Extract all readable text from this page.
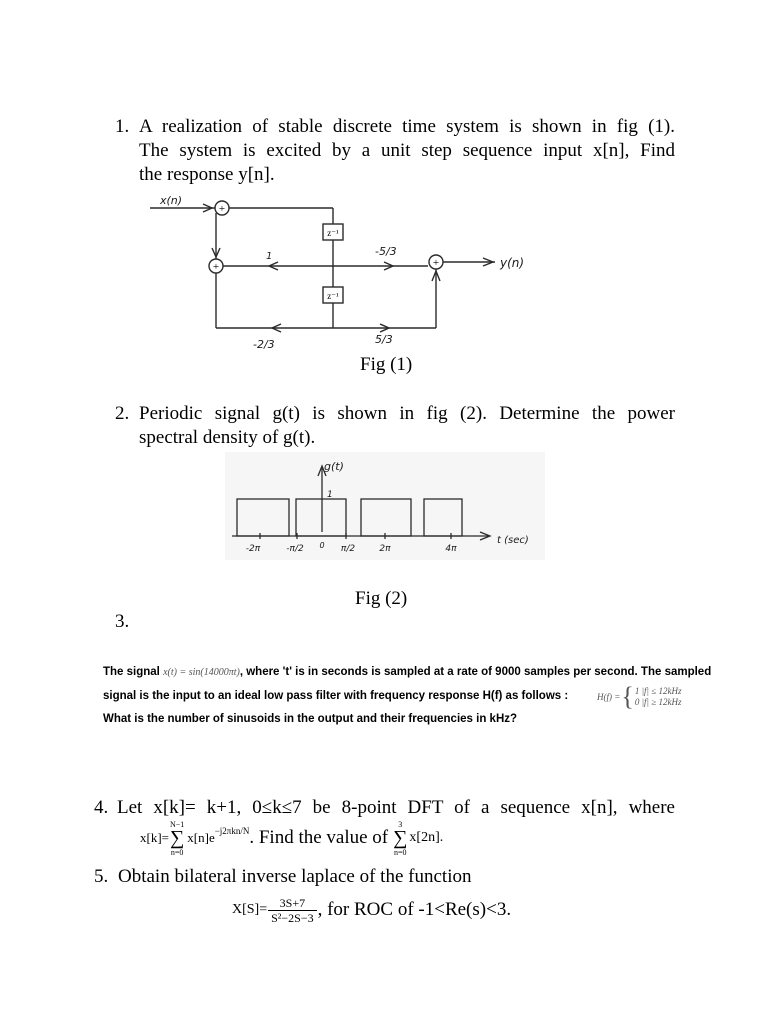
1. A realization of stable discrete time system is shown in fig (1).
The system is excited by a unit step sequence input x[n], Find
the response y[n].
+
+	+
x(n)
y(n)
z⁻¹
z⁻¹
1	-5/3
-2/3	5/3
Fig (1)
2. Periodic signal g(t) is shown in fig (2). Determine the power
spectral density of g(t).
g(t)
1
t (sec)
-2π	-π/2 0 π/2	2π	4π
Fig (2)
3.
The signal x(t) = sin(14000πt), where 't' is in seconds is sampled at a rate of 9000 samples per second. The sampled
signal is the input to an ideal low pass filter with frequency response H(f) as follows :	H(f) = { 1 |f| ≤ 12kHz
0 |f| ≥ 12kHz
What is the number of sinusoids in the output and their frequencies in kHz?
4. Let x[k]= k+1, 0≤k≤7 be 8-point DFT of a sequence x[n], where
x[k]=
N−1
∑
n=0
x[n]e −j2πkn/N . Find the value of
3
∑
n=0
x[2n].
5. Obtain bilateral inverse laplace of the function
X[S]= 3S+7
S²−2S−3 , for ROC of -1<Re(s)<3.
